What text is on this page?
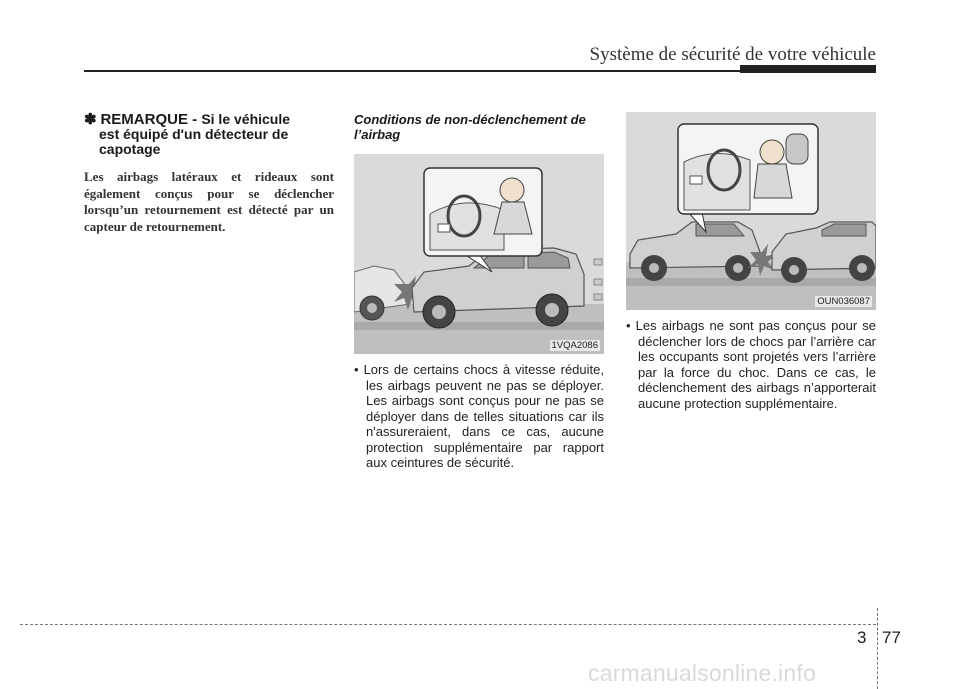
Système de sécurité de votre véhicule

✽ REMARQUE - Si le véhicule
est équipé d'un détecteur de
capotage

Les airbags latéraux et rideaux sont également conçus pour se déclencher lorsqu’un retournement est détecté par un capteur de retournement.

Conditions de non-déclenchement de l’airbag

1VQA2086

• Lors de certains chocs à vitesse réduite, les airbags peuvent ne pas se déployer. Les airbags sont conçus pour ne pas se déployer dans de telles situations car ils n'assureraient, dans ce cas, aucune protection supplémentaire par rapport aux ceintures de sécurité.

OUN036087

• Les airbags ne sont pas conçus pour se déclencher lors de chocs par l’arrière car les occupants sont projetés vers l’arrière par la force du choc. Dans ce cas, le déclenchement des airbags n’apporterait aucune protection supplémentaire.

3 77
carmanualsonline.info
